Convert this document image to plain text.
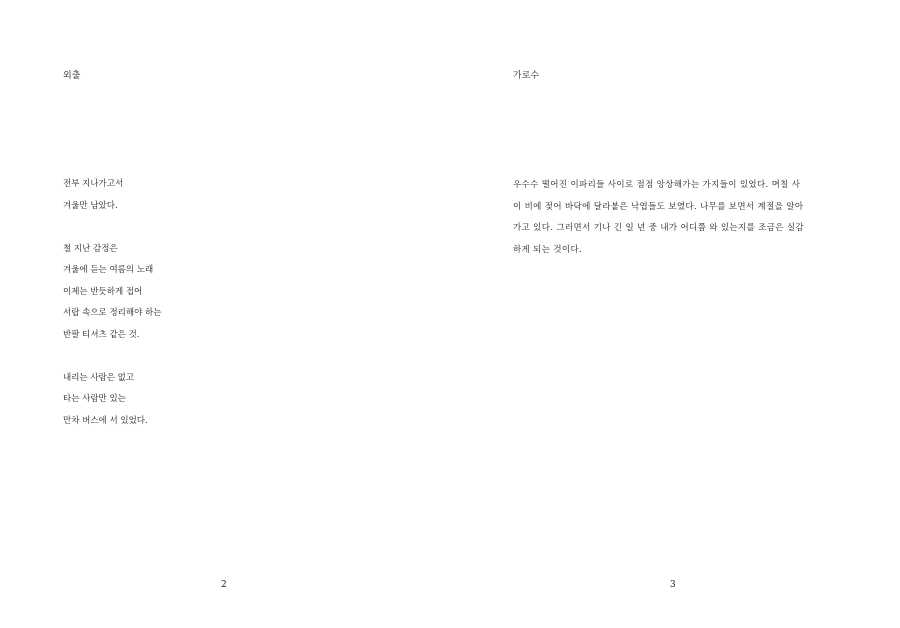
외출
전부 지나가고서
겨울만 남았다.
철 지난 감정은
겨울에 듣는 여름의 노래
이제는 반듯하게 접어
서랍 속으로 정리해야 하는
반팔 티셔츠 같은 것.
내리는 사람은 없고
타는 사람만 있는
만차 버스에 서 있었다.
2
가로수
우수수 떨어진 이파리들 사이로 점점 앙상해가는 가지들이 있었다. 며칠 사
이 비에 젖어 바닥에 달라붙은 낙엽들도 보였다. 나무를 보면서 계절을 알아
가고 있다. 그러면서 기나 긴 일 년 중 내가 어디쯤 와 있는지를 조금은 실감
하게 되는 것이다.
3
